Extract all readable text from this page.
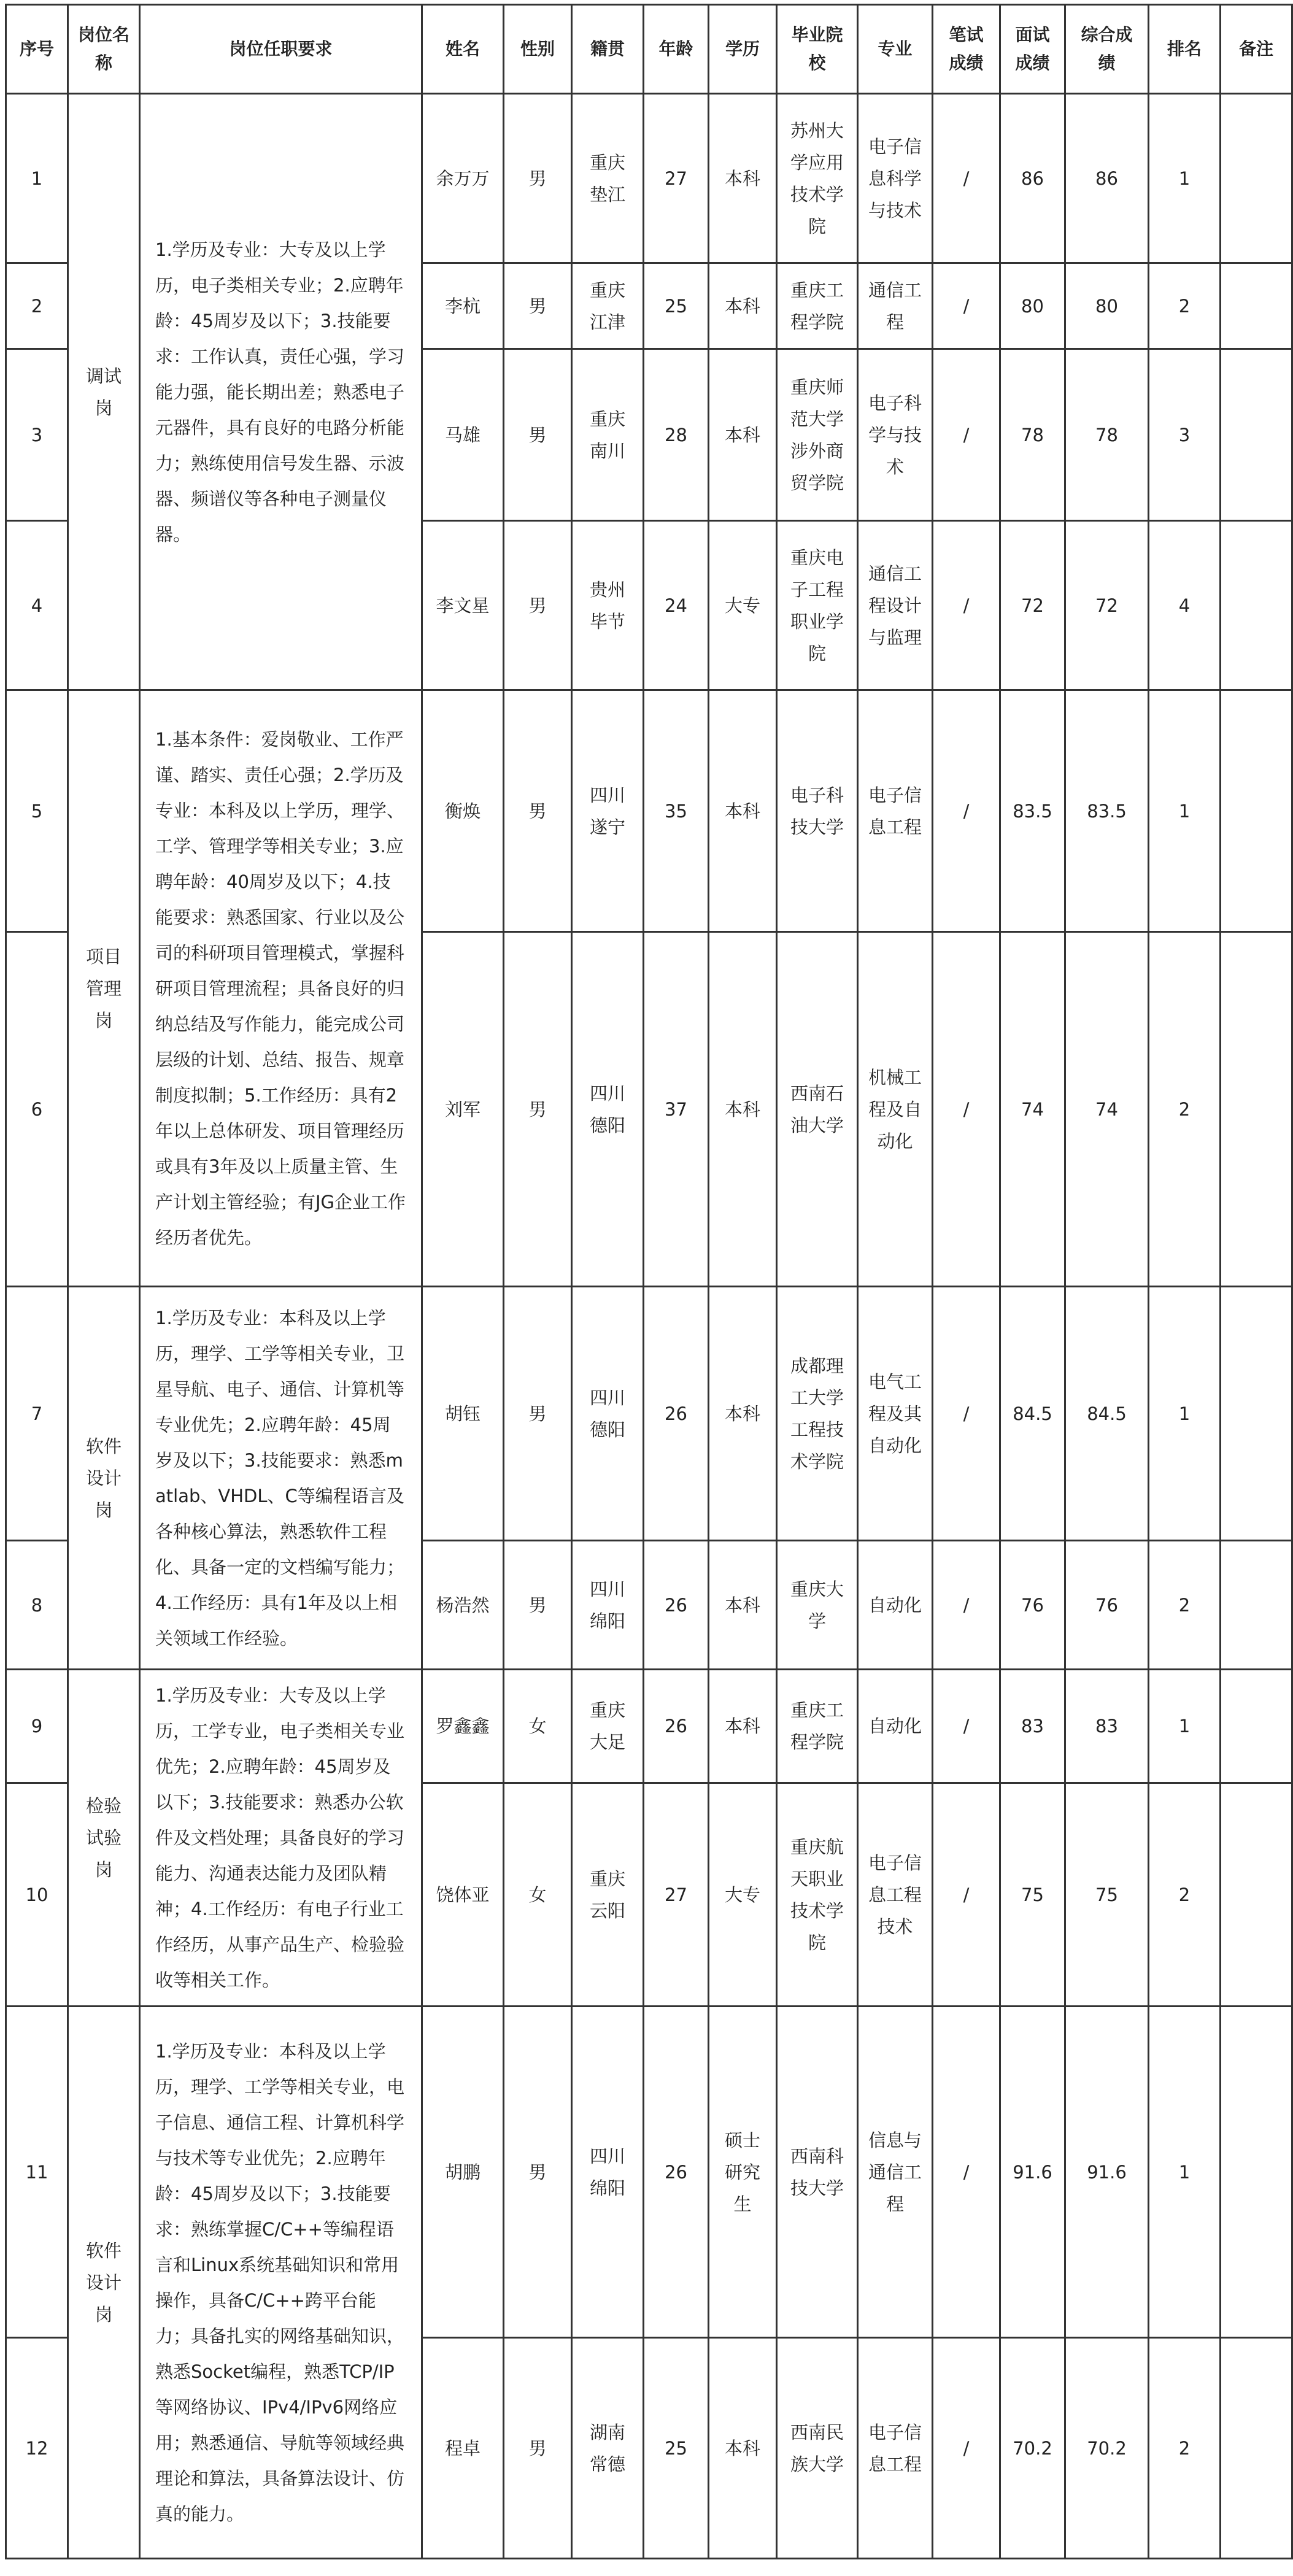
序号	岗位名称	岗位任职要求	姓名	性别	籍贯	年龄	学历	毕业院校	专业	笔试成绩	面试成绩	综合成绩	排名	备注
1	调试岗	1.学历及专业：大专及以上学历，电子类相关专业；2.应聘年龄：45周岁及以下；3.技能要求：工作认真，责任心强，学习能力强，能长期出差；熟悉电子元器件，具有良好的电路分析能力；熟练使用信号发生器、示波器、频谱仪等各种电子测量仪器。	余万万	男	重庆垫江	27	本科	苏州大学应用技术学院	电子信息科学与技术	/	86	86	1	
2			李杭	男	重庆江津	25	本科	重庆工程学院	通信工程	/	80	80	2	
3			马雄	男	重庆南川	28	本科	重庆师范大学涉外商贸学院	电子科学与技术	/	78	78	3	
4			李文星	男	贵州毕节	24	大专	重庆电子工程职业学院	通信工程设计与监理	/	72	72	4	
5	项目管理岗	1.基本条件：爱岗敬业、工作严谨、踏实、责任心强；2.学历及专业：本科及以上学历，理学、工学、管理学等相关专业；3.应聘年龄：40周岁及以下；4.技能要求：熟悉国家、行业以及公司的科研项目管理模式，掌握科研项目管理流程；具备良好的归纳总结及写作能力，能完成公司层级的计划、总结、报告、规章制度拟制；5.工作经历：具有2年以上总体研发、项目管理经历或具有3年及以上质量主管、生产计划主管经验；有JG企业工作经历者优先。	衡焕	男	四川遂宁	35	本科	电子科技大学	电子信息工程	/	83.5	83.5	1	
6			刘军	男	四川德阳	37	本科	西南石油大学	机械工程及自动化	/	74	74	2	
7	软件设计岗	1.学历及专业：本科及以上学历，理学、工学等相关专业，卫星导航、电子、通信、计算机等专业优先；2.应聘年龄：45周岁及以下；3.技能要求：熟悉matlab、VHDL、C等编程语言及各种核心算法，熟悉软件工程化、具备一定的文档编写能力；4.工作经历：具有1年及以上相关领域工作经验。	胡钰	男	四川德阳	26	本科	成都理工大学工程技术学院	电气工程及其自动化	/	84.5	84.5	1	
8			杨浩然	男	四川绵阳	26	本科	重庆大学	自动化	/	76	76	2	
9	检验试验岗	1.学历及专业：大专及以上学历，工学专业，电子类相关专业优先；2.应聘年龄：45周岁及以下；3.技能要求：熟悉办公软件及文档处理；具备良好的学习能力、沟通表达能力及团队精神；4.工作经历：有电子行业工作经历，从事产品生产、检验验收等相关工作。	罗鑫鑫	女	重庆大足	26	本科	重庆工程学院	自动化	/	83	83	1	
10			饶体亚	女	重庆云阳	27	大专	重庆航天职业技术学院	电子信息工程技术	/	75	75	2	
11	软件设计岗	1.学历及专业：本科及以上学历，理学、工学等相关专业，电子信息、通信工程、计算机科学与技术等专业优先；2.应聘年龄：45周岁及以下；3.技能要求：熟练掌握C/C++等编程语言和Linux系统基础知识和常用操作，具备C/C++跨平台能力；具备扎实的网络基础知识，熟悉Socket编程，熟悉TCP/IP等网络协议、IPv4/IPv6网络应用；熟悉通信、导航等领域经典理论和算法，具备算法设计、仿真的能力。	胡鹏	男	四川绵阳	26	硕士研究生	西南科技大学	信息与通信工程	/	91.6	91.6	1	
12			程卓	男	湖南常德	25	本科	西南民族大学	电子信息工程	/	70.2	70.2	2	
